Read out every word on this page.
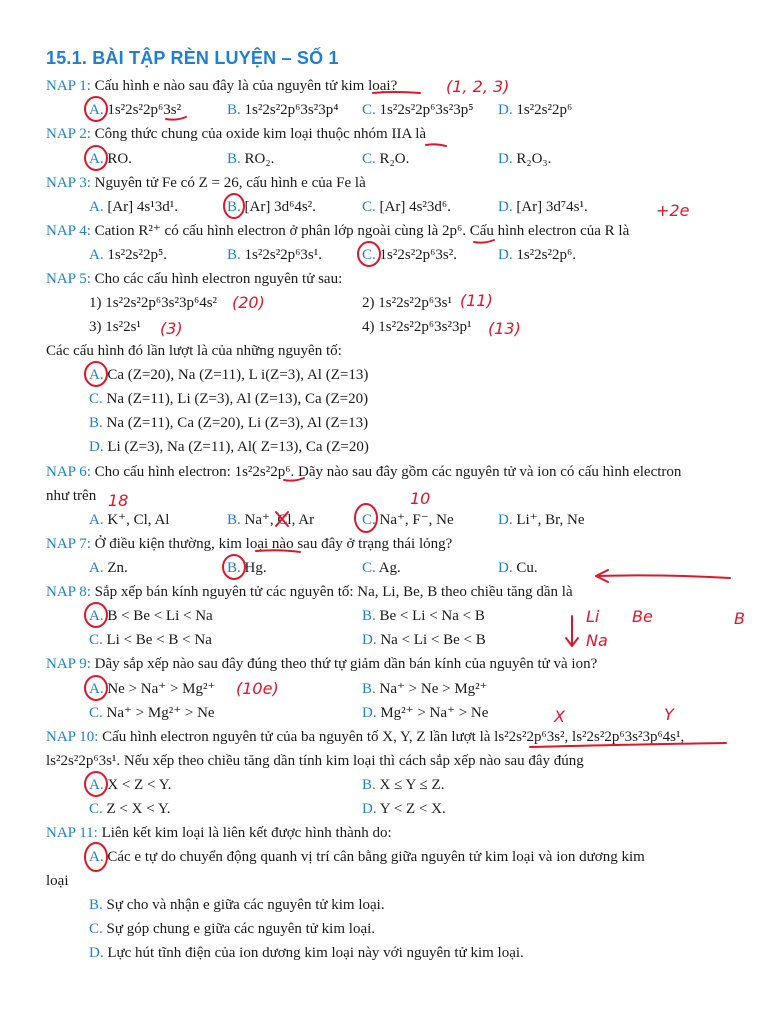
15.1. BÀI TẬP RÈN LUYỆN – SỐ 1
NAP 1: Cấu hình e nào sau đây là của nguyên tử kim loại?
A. 1s²2s²2p⁶3s²	B. 1s²2s²2p⁶3s²3p⁴ C. 1s²2s²2p⁶3s²3p⁵ D. 1s²2s²2p⁶
NAP 2: Công thức chung của oxide kim loại thuộc nhóm IIA là
A. RO.	B. RO₂.	C. R₂O.	D. R₂O₃.
NAP 3: Nguyên tử Fe có Z = 26, cấu hình e của Fe là
A. [Ar] 4s¹3d¹.	B. [Ar] 3d⁶4s².	C. [Ar] 4s²3d⁶.	D. [Ar] 3d⁷4s¹.
NAP 4: Cation R²⁺ có cấu hình electron ở phân lớp ngoài cùng là 2p⁶. Cấu hình electron của R là
A. 1s²2s²2p⁵.	B. 1s²2s²2p⁶3s¹.	C. 1s²2s²2p⁶3s².	D. 1s²2s²2p⁶.
NAP 5: Cho các cấu hình electron nguyên tử sau:
1) 1s²2s²2p⁶3s²3p⁶4s²	2) 1s²2s²2p⁶3s¹
3) 1s²2s¹	4) 1s²2s²2p⁶3s²3p¹
Các cấu hình đó lần lượt là của những nguyên tố:
A. Ca (Z=20), Na (Z=11), L i(Z=3), Al (Z=13)
C. Na (Z=11), Li (Z=3), Al (Z=13), Ca (Z=20)
B. Na (Z=11), Ca (Z=20), Li (Z=3), Al (Z=13)
D. Li (Z=3), Na (Z=11), Al( Z=13), Ca (Z=20)
NAP 6: Cho cấu hình electron: 1s²2s²2p⁶. Dãy nào sau đây gồm các nguyên tử và ion có cấu hình electron
như trên
A. K⁺, Cl, Al	B. Na⁺, Cl, Ar	C. Na⁺, F⁻, Ne	D. Li⁺, Br, Ne
NAP 7: Ở điều kiện thường, kim loại nào sau đây ở trạng thái lỏng?
A. Zn.	B. Hg.	C. Ag.	D. Cu.
NAP 8: Sắp xếp bán kính nguyên tử các nguyên tố: Na, Li, Be, B theo chiều tăng dần là
A. B < Be < Li < Na	B. Be < Li < Na < B
C. Li < Be < B < Na	D. Na < Li < Be < B
NAP 9: Dãy sắp xếp nào sau đây đúng theo thứ tự giảm dần bán kính của nguyên tử và ion?
A. Ne > Na⁺ > Mg²⁺	B. Na⁺ > Ne > Mg²⁺
C. Na⁺ > Mg²⁺ > Ne	D. Mg²⁺ > Na⁺ > Ne
NAP 10: Cấu hình electron nguyên tử của ba nguyên tố X, Y, Z lần lượt là ls²2s²2p⁶3s², ls²2s²2p⁶3s²3p⁶4s¹,
ls²2s²2p⁶3s¹. Nếu xếp theo chiều tăng dần tính kim loại thì cách sắp xếp nào sau đây đúng
A. X < Z < Y.	B. X ≤ Y ≤ Z.
C. Z < X < Y.	D. Y < Z < X.
NAP 11: Liên kết kim loại là liên kết được hình thành do:
A. Các e tự do chuyển động quanh vị trí cân bằng giữa nguyên tử kim loại và ion dương kim
loại
B. Sự cho và nhận e giữa các nguyên tử kim loại.
C. Sự góp chung e giữa các nguyên tử kim loại.
D. Lực hút tĩnh điện của ion dương kim loại này với nguyên tử kim loại.
(1, 2, 3)
+2e
(20)	(11)
(3)	(13)
18	10
Li Be	B
Na
(10e)
X	Y
